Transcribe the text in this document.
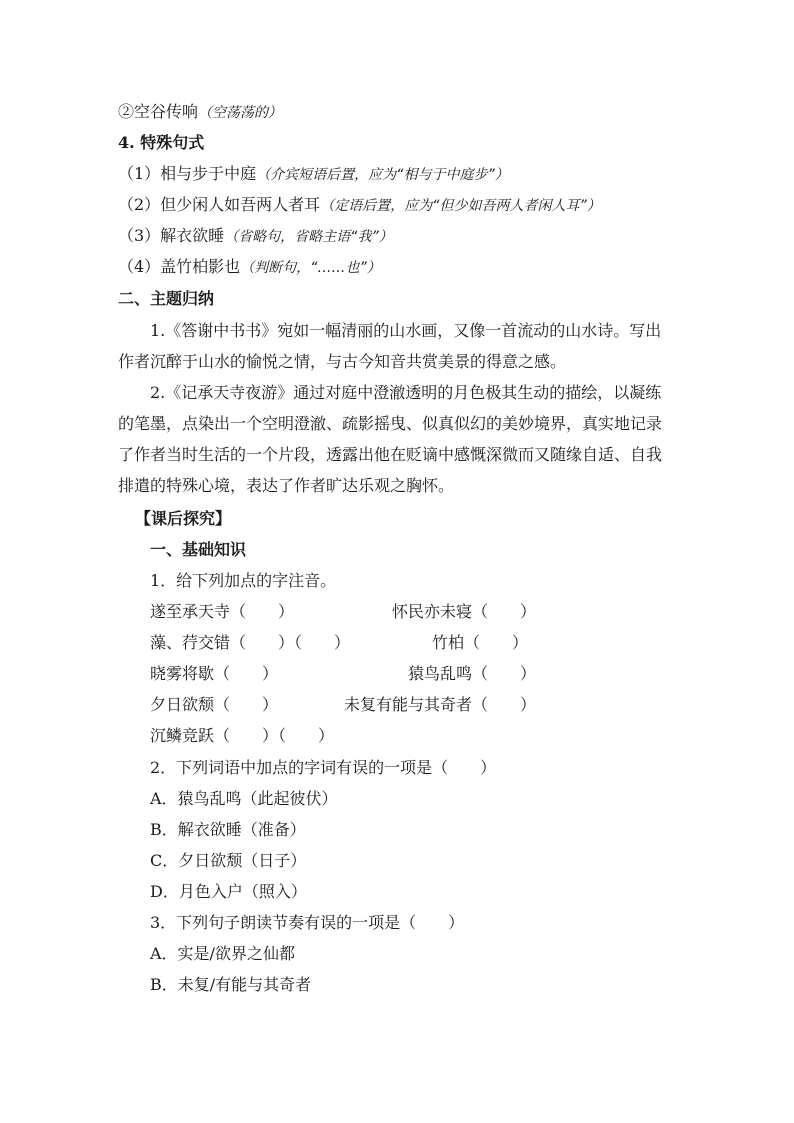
②空谷传响（空荡荡的）
4. 特殊句式
（1）相与步于中庭（介宾短语后置，应为“相与于中庭步”）
（2）但少闲人如吾两人者耳（定语后置，应为“但少如吾两人者闲人耳”）
（3）解衣欲睡（省略句，省略主语“我”）
（4）盖竹柏影也（判断句，“……也”）
二、主题归纳
1.《答谢中书书》宛如一幅清丽的山水画，又像一首流动的山水诗。写出
作者沉醉于山水的愉悦之情，与古今知音共赏美景的得意之感。
2.《记承天寺夜游》通过对庭中澄澈透明的月色极其生动的描绘，以凝练
的笔墨，点染出一个空明澄澈、疏影摇曳、似真似幻的美妙境界，真实地记录
了作者当时生活的一个片段，透露出他在贬谪中感慨深微而又随缘自适、自我
排遣的特殊心境，表达了作者旷达乐观之胸怀。
【课后探究】
一、基础知识
1．给下列加点的字注音。
遂至承天寺（　　）	怀民亦未寝（　　）
藻、荇交错（　　）（　　）	竹柏（　　）
晓雾将歇（　　）	猿鸟乱鸣（　　）
夕日欲颓（　　）	未复有能与其奇者（　　）
沉鳞竞跃（　　）（　　）
2．下列词语中加点的字词有误的一项是（　　）
A．猿鸟乱鸣（此起彼伏）
B．解衣欲睡（准备）
C．夕日欲颓（日子）
D．月色入户（照入）
3．下列句子朗读节奏有误的一项是（　　）
A．实是/欲界之仙都
B．未复/有能与其奇者
